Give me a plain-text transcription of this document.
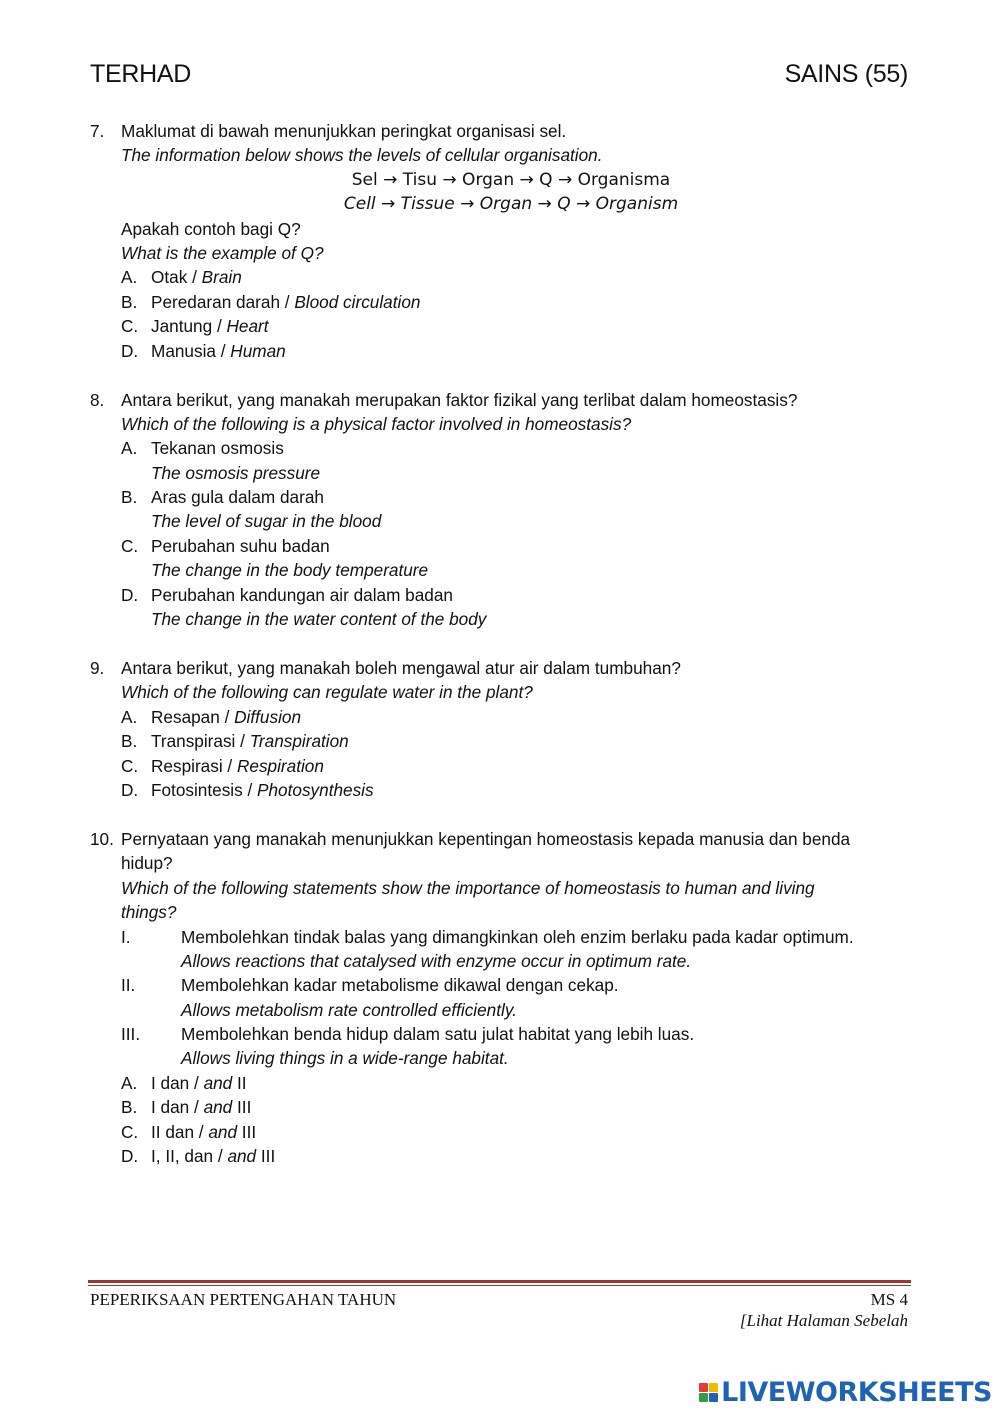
TERHAD	SAINS (55)
7. Maklumat di bawah menunjukkan peringkat organisasi sel.
The information below shows the levels of cellular organisation.
Sel → Tisu → Organ → Q → Organisma
Cell → Tissue → Organ → Q → Organism
Apakah contoh bagi Q?
What is the example of Q?
A. Otak / Brain
B. Peredaran darah / Blood circulation
C. Jantung / Heart
D. Manusia / Human
8. Antara berikut, yang manakah merupakan faktor fizikal yang terlibat dalam homeostasis?
Which of the following is a physical factor involved in homeostasis?
A. Tekanan osmosis
The osmosis pressure
B. Aras gula dalam darah
The level of sugar in the blood
C. Perubahan suhu badan
The change in the body temperature
D. Perubahan kandungan air dalam badan
The change in the water content of the body
9. Antara berikut, yang manakah boleh mengawal atur air dalam tumbuhan?
Which of the following can regulate water in the plant?
A. Resapan / Diffusion
B. Transpirasi / Transpiration
C. Respirasi / Respiration
D. Fotosintesis / Photosynthesis
10. Pernyataan yang manakah menunjukkan kepentingan homeostasis kepada manusia dan benda
hidup?
Which of the following statements show the importance of homeostasis to human and living
things?
I.	Membolehkan tindak balas yang dimangkinkan oleh enzim berlaku pada kadar optimum.
Allows reactions that catalysed with enzyme occur in optimum rate.
II.	Membolehkan kadar metabolisme dikawal dengan cekap.
Allows metabolism rate controlled efficiently.
III. Membolehkan benda hidup dalam satu julat habitat yang lebih luas.
Allows living things in a wide-range habitat.
A. I dan / and II
B. I dan / and III
C. II dan / and III
D. I, II, dan / and III
PEPERIKSAAN PERTENGAHAN TAHUN	MS 4
[Lihat Halaman Sebelah
LIVEWORKSHEETS
